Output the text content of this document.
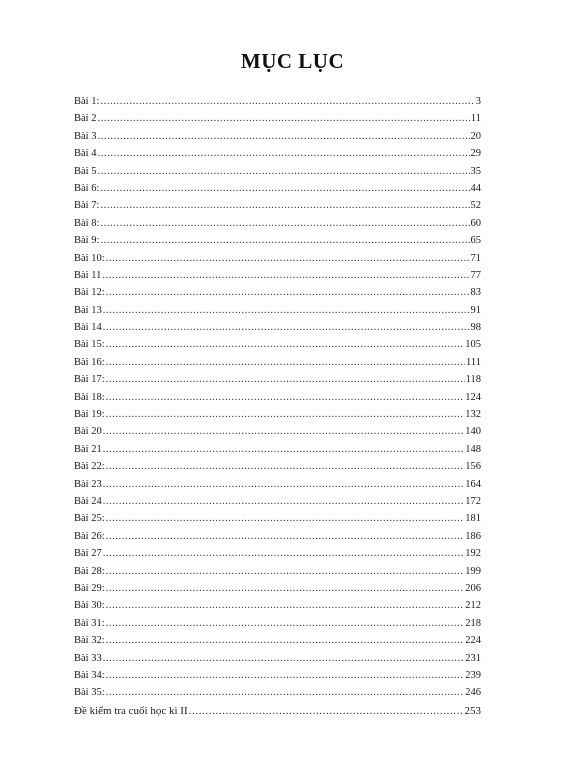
MỤC LỤC
Bài 1: .....	3
Bài 2 .....	11
Bài 3 .....	20
Bài 4 .....	29
Bài 5 .....	35
Bài 6: .....	44
Bài 7: .....	52
Bài 8: .....	60
Bài 9: .....	65
Bài 10: .....	71
Bài 11 .....	77
Bài 12: .....	83
Bài 13 .....	91
Bài 14 .....	98
Bài 15: .....	105
Bài 16: .....	111
Bài 17: .....	118
Bài 18: .....	124
Bài 19: .....	132
Bài 20 .....	140
Bài 21 .....	148
Bài 22: .....	156
Bài 23 .....	164
Bài 24 .....	172
Bài 25: .....	181
Bài 26: .....	186
Bài 27 .....	192
Bài 28: .....	199
Bài 29: .....	206
Bài 30: .....	212
Bài 31: .....	218
Bài 32: .....	224
Bài 33 .....	231
Bài 34: .....	239
Bài 35: .....	246
Đề kiểm tra cuối học kì II .....	253
